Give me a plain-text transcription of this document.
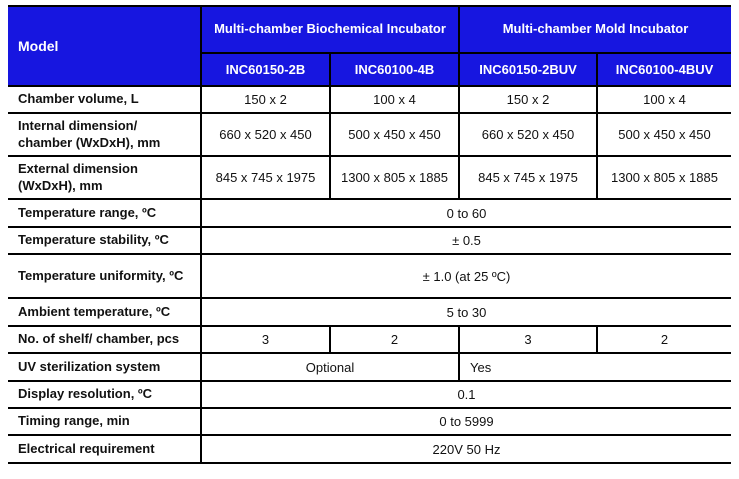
Model	Multi-chamber Biochemical Incubator		Multi-chamber Mold Incubator	
	INC60150-2B	INC60100-4B	INC60150-2BUV	INC60100-4BUV
Chamber volume, L	150 x 2	100 x 4	150 x 2	100 x 4
Internal dimension/ chamber (WxDxH), mm	660 x 520 x 450	500 x 450 x 450	660 x 520 x 450	500 x 450 x 450
External dimension (WxDxH), mm	845 x 745 x 1975	1300 x 805 x 1885	845 x 745 x 1975	1300 x 805 x 1885
Temperature range, ºC	0 to 60			
Temperature stability, ºC	± 0.5			
Temperature uniformity, ºC	± 1.0 (at 25 ºC)			
Ambient temperature, ºC	5 to 30			
No. of shelf/ chamber, pcs	3	2	3	2
UV sterilization system	Optional		Yes	
Display resolution, ºC	0.1			
Timing range, min	0 to 5999			
Electrical requirement	220V 50 Hz			
